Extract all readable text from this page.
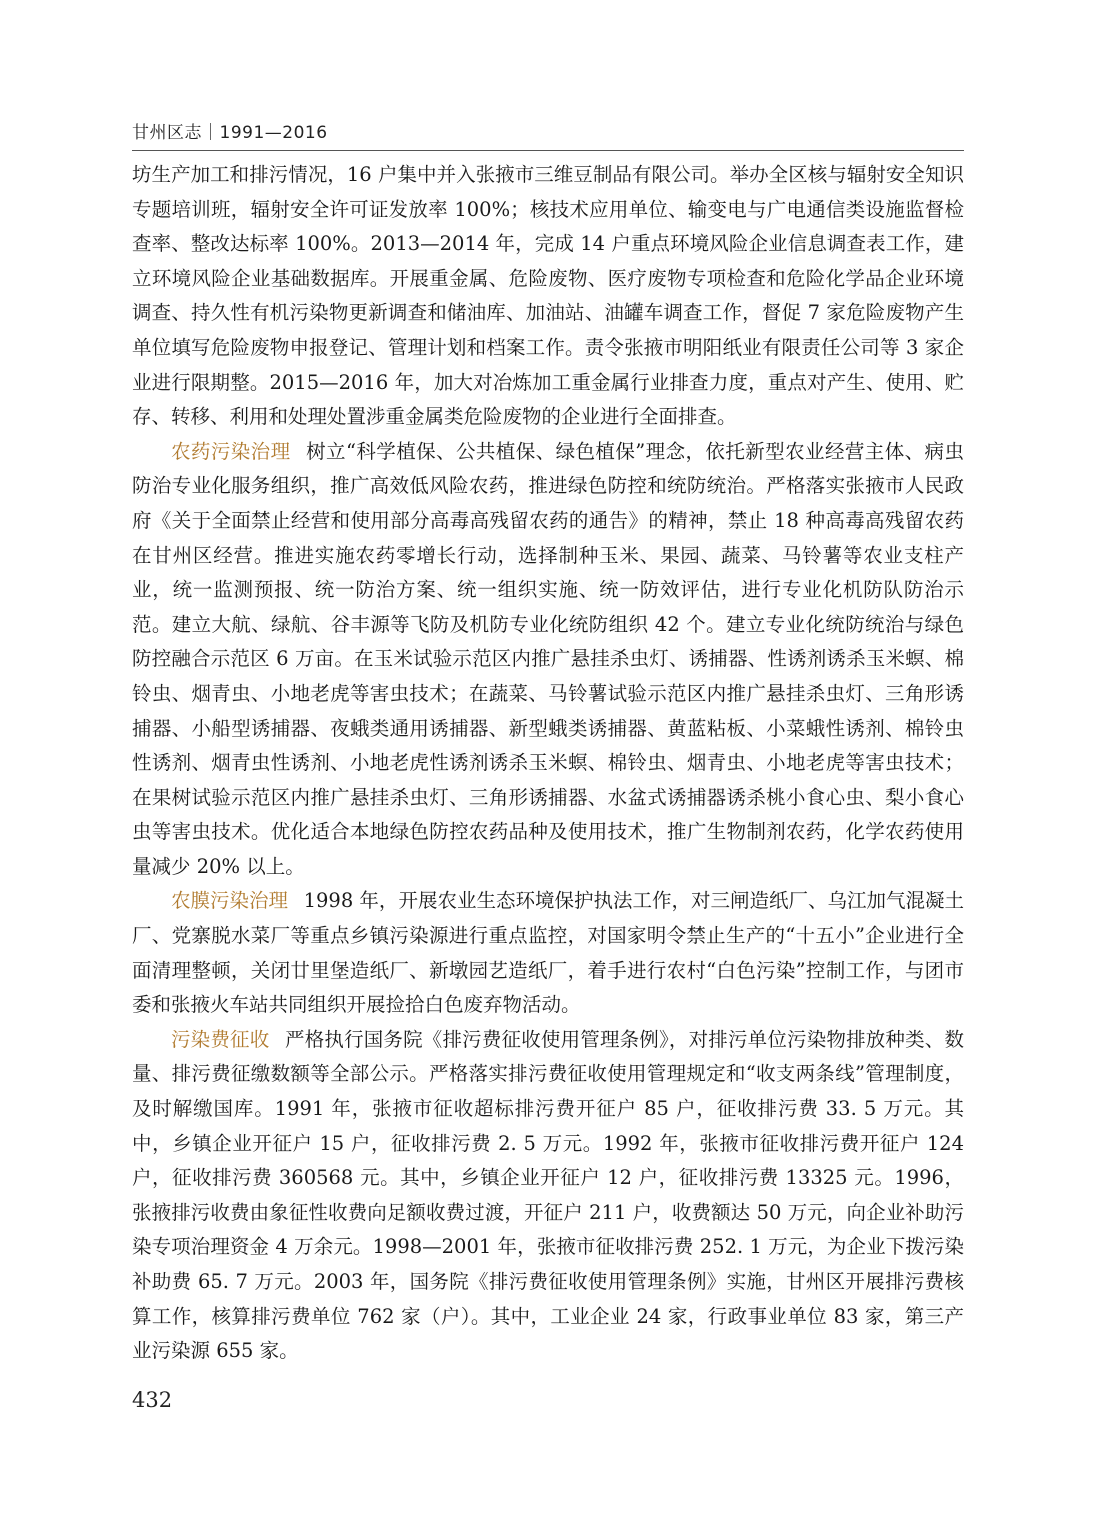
甘州区志｜1991—2016

坊生产加工和排污情况，16 户集中并入张掖市三维豆制品有限公司。举办全区核与辐射安全知识专题培训班，辐射安全许可证发放率 100%；核技术应用单位、输变电与广电通信类设施监督检查率、整改达标率 100%。2013—2014 年，完成 14 户重点环境风险企业信息调查表工作，建立环境风险企业基础数据库。开展重金属、危险废物、医疗废物专项检查和危险化学品企业环境调查、持久性有机污染物更新调查和储油库、加油站、油罐车调查工作，督促 7 家危险废物产生单位填写危险废物申报登记、管理计划和档案工作。责令张掖市明阳纸业有限责任公司等 3 家企业进行限期整。2015—2016 年，加大对冶炼加工重金属行业排查力度，重点对产生、使用、贮存、转移、利用和处理处置涉重金属类危险废物的企业进行全面排查。

农药污染治理 树立“科学植保、公共植保、绿色植保”理念，依托新型农业经营主体、病虫防治专业化服务组织，推广高效低风险农药，推进绿色防控和统防统治。严格落实张掖市人民政府《关于全面禁止经营和使用部分高毒高残留农药的通告》的精神，禁止 18 种高毒高残留农药在甘州区经营。推进实施农药零增长行动，选择制种玉米、果园、蔬菜、马铃薯等农业支柱产业，统一监测预报、统一防治方案、统一组织实施、统一防效评估，进行专业化机防队防治示范。建立大航、绿航、谷丰源等飞防及机防专业化统防组织 42 个。建立专业化统防统治与绿色防控融合示范区 6 万亩。在玉米试验示范区内推广悬挂杀虫灯、诱捕器、性诱剂诱杀玉米螟、棉铃虫、烟青虫、小地老虎等害虫技术；在蔬菜、马铃薯试验示范区内推广悬挂杀虫灯、三角形诱捕器、小船型诱捕器、夜蛾类通用诱捕器、新型蛾类诱捕器、黄蓝粘板、小菜蛾性诱剂、棉铃虫性诱剂、烟青虫性诱剂、小地老虎性诱剂诱杀玉米螟、棉铃虫、烟青虫、小地老虎等害虫技术；在果树试验示范区内推广悬挂杀虫灯、三角形诱捕器、水盆式诱捕器诱杀桃小食心虫、梨小食心虫等害虫技术。优化适合本地绿色防控农药品种及使用技术，推广生物制剂农药，化学农药使用量减少 20% 以上。

农膜污染治理 1998 年，开展农业生态环境保护执法工作，对三闸造纸厂、乌江加气混凝土厂、党寨脱水菜厂等重点乡镇污染源进行重点监控，对国家明令禁止生产的“十五小”企业进行全面清理整顿，关闭廿里堡造纸厂、新墩园艺造纸厂，着手进行农村“白色污染”控制工作，与团市委和张掖火车站共同组织开展捡拾白色废弃物活动。

污染费征收 严格执行国务院《排污费征收使用管理条例》，对排污单位污染物排放种类、数量、排污费征缴数额等全部公示。严格落实排污费征收使用管理规定和“收支两条线”管理制度，及时解缴国库。1991 年，张掖市征收超标排污费开征户 85 户，征收排污费 33. 5 万元。其中，乡镇企业开征户 15 户，征收排污费 2. 5 万元。1992 年，张掖市征收排污费开征户 124 户，征收排污费 360568 元。其中，乡镇企业开征户 12 户，征收排污费 13325 元。1996，张掖排污收费由象征性收费向足额收费过渡，开征户 211 户，收费额达 50 万元，向企业补助污染专项治理资金 4 万余元。1998—2001 年，张掖市征收排污费 252. 1 万元，为企业下拨污染补助费 65. 7 万元。2003 年，国务院《排污费征收使用管理条例》实施，甘州区开展排污费核算工作，核算排污费单位 762 家（户）。其中，工业企业 24 家，行政事业单位 83 家，第三产业污染源 655 家。

432
